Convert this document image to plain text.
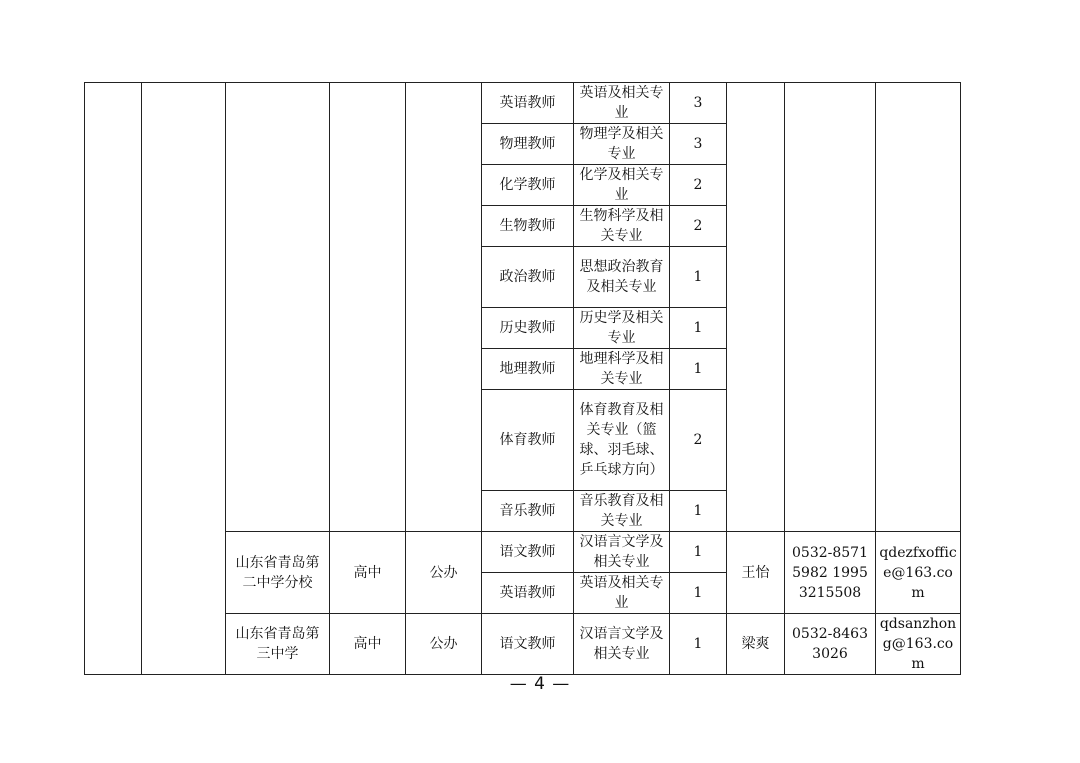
					英语教师	英语及相关专业	3			
					物理教师	物理学及相关专业	3			
					化学教师	化学及相关专业	2			
					生物教师	生物科学及相关专业	2			
					政治教师	思想政治教育及相关专业	1			
					历史教师	历史学及相关专业	1			
					地理教师	地理科学及相关专业	1			
					体育教师	体育教育及相关专业（篮球、羽毛球、乒乓球方向）	2			
					音乐教师	音乐教育及相关专业	1			
		山东省青岛第二中学分校	高中	公办	语文教师	汉语言文学及相关专业	1	王怡	0532-85715982 19953215508	qdezfxoffice@163.com
					英语教师	英语及相关专业	1			
		山东省青岛第三中学	高中	公办	语文教师	汉语言文学及相关专业	1	梁爽	0532-84633026	qdsanzhong@163.com
— 4 —
